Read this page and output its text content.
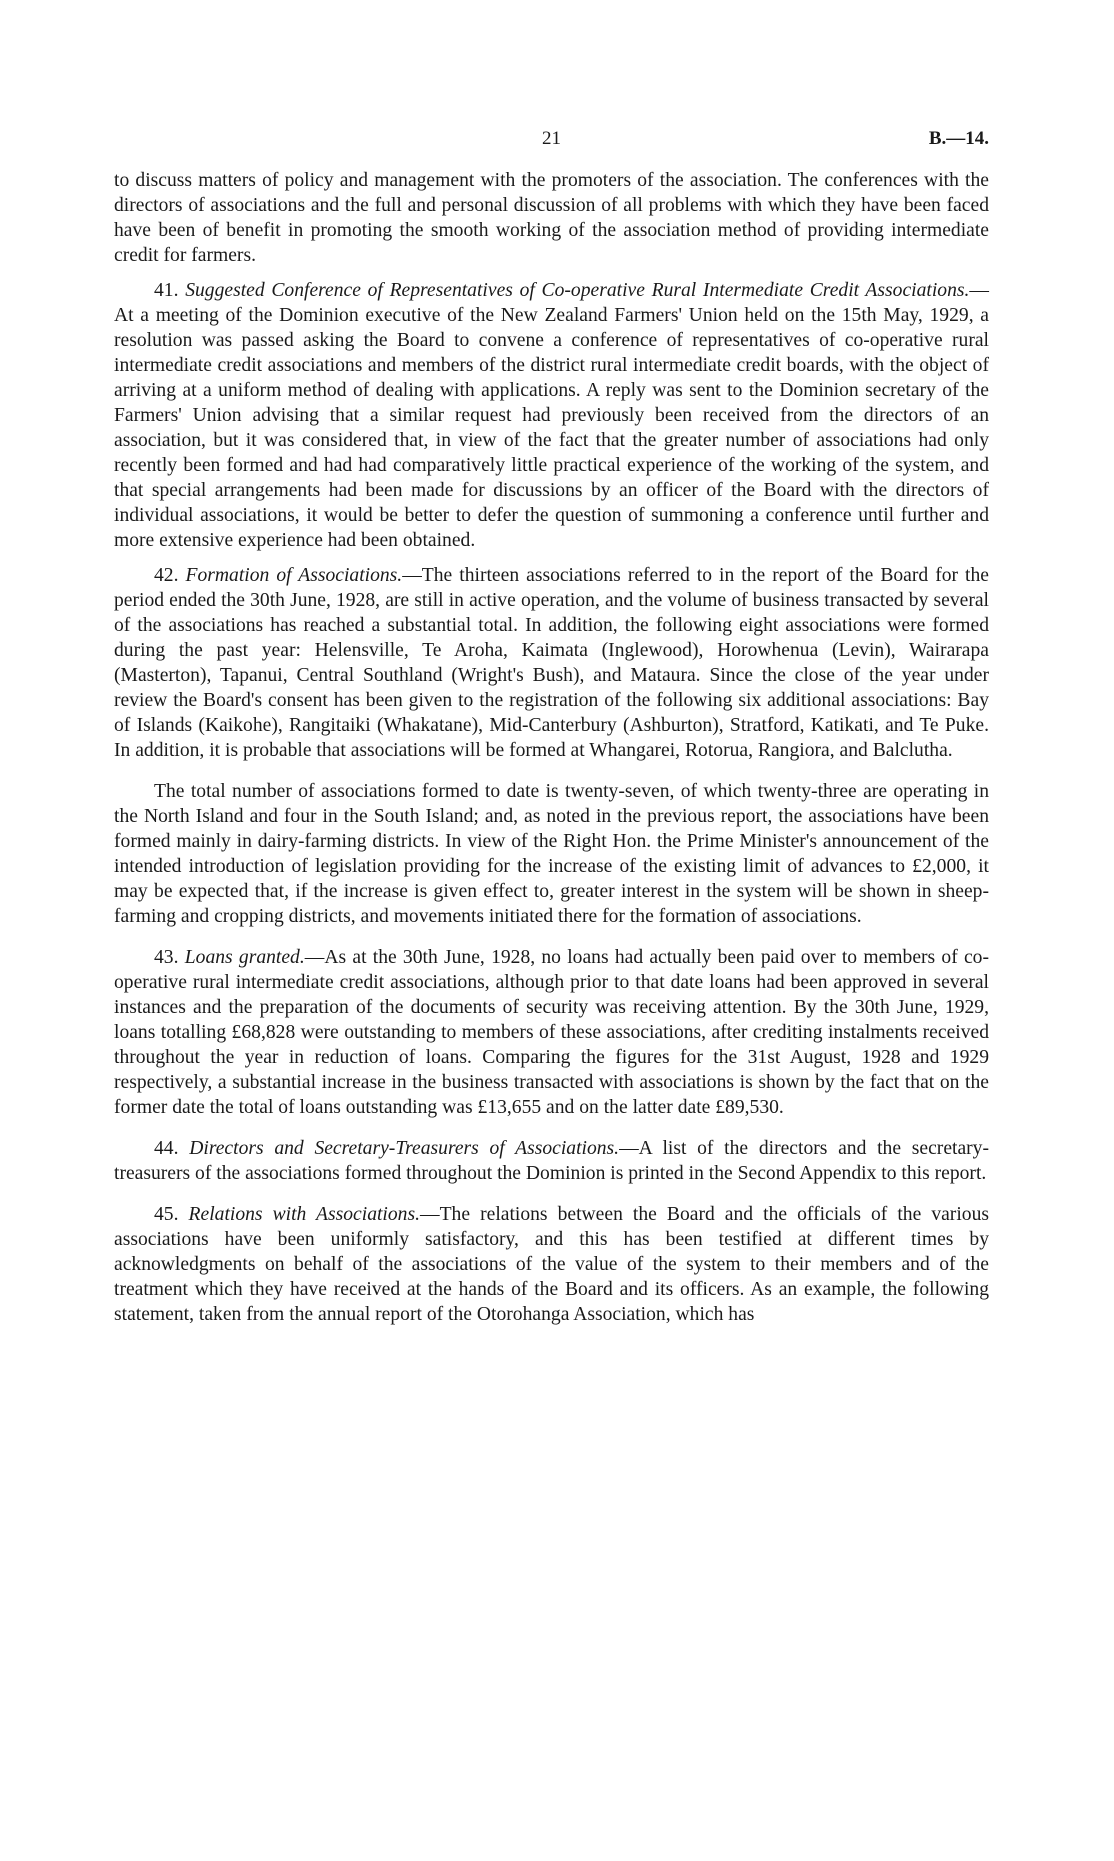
21	B.—14.

to discuss matters of policy and management with the promoters of the association. The conferences with the directors of associations and the full and personal discussion of all problems with which they have been faced have been of benefit in promoting the smooth working of the association method of providing intermediate credit for farmers.

41. Suggested Conference of Representatives of Co-operative Rural Intermediate Credit Associations.—At a meeting of the Dominion executive of the New Zealand Farmers' Union held on the 15th May, 1929, a resolution was passed asking the Board to convene a conference of representatives of co-operative rural intermediate credit associations and members of the district rural intermediate credit boards, with the object of arriving at a uniform method of dealing with applications. A reply was sent to the Dominion secretary of the Farmers' Union advising that a similar request had previously been received from the directors of an association, but it was considered that, in view of the fact that the greater number of associations had only recently been formed and had had comparatively little practical experience of the working of the system, and that special arrangements had been made for discussions by an officer of the Board with the directors of individual associations, it would be better to defer the question of summoning a conference until further and more extensive experience had been obtained.

42. Formation of Associations.—The thirteen associations referred to in the report of the Board for the period ended the 30th June, 1928, are still in active operation, and the volume of business transacted by several of the associations has reached a substantial total. In addition, the following eight associations were formed during the past year: Helensville, Te Aroha, Kaimata (Inglewood), Horowhenua (Levin), Wairarapa (Masterton), Tapanui, Central Southland (Wright's Bush), and Mataura. Since the close of the year under review the Board's consent has been given to the registration of the following six additional associations: Bay of Islands (Kaikohe), Rangitaiki (Whakatane), Mid-Canterbury (Ashburton), Stratford, Katikati, and Te Puke. In addition, it is probable that associations will be formed at Whangarei, Rotorua, Rangiora, and Balclutha.

The total number of associations formed to date is twenty-seven, of which twenty-three are operating in the North Island and four in the South Island; and, as noted in the previous report, the associations have been formed mainly in dairy-farming districts. In view of the Right Hon. the Prime Minister's announcement of the intended introduction of legislation providing for the increase of the existing limit of advances to £2,000, it may be expected that, if the increase is given effect to, greater interest in the system will be shown in sheep-farming and cropping districts, and movements initiated there for the formation of associations.

43. Loans granted.—As at the 30th June, 1928, no loans had actually been paid over to members of co-operative rural intermediate credit associations, although prior to that date loans had been approved in several instances and the preparation of the documents of security was receiving attention. By the 30th June, 1929, loans totalling £68,828 were outstanding to members of these associations, after crediting instalments received throughout the year in reduction of loans. Comparing the figures for the 31st August, 1928 and 1929 respectively, a substantial increase in the business transacted with associations is shown by the fact that on the former date the total of loans outstanding was £13,655 and on the latter date £89,530.

44. Directors and Secretary-Treasurers of Associations.—A list of the directors and the secretary-treasurers of the associations formed throughout the Dominion is printed in the Second Appendix to this report.

45. Relations with Associations.—The relations between the Board and the officials of the various associations have been uniformly satisfactory, and this has been testified at different times by acknowledgments on behalf of the associations of the value of the system to their members and of the treatment which they have received at the hands of the Board and its officers. As an example, the following statement, taken from the annual report of the Otorohanga Association, which has
